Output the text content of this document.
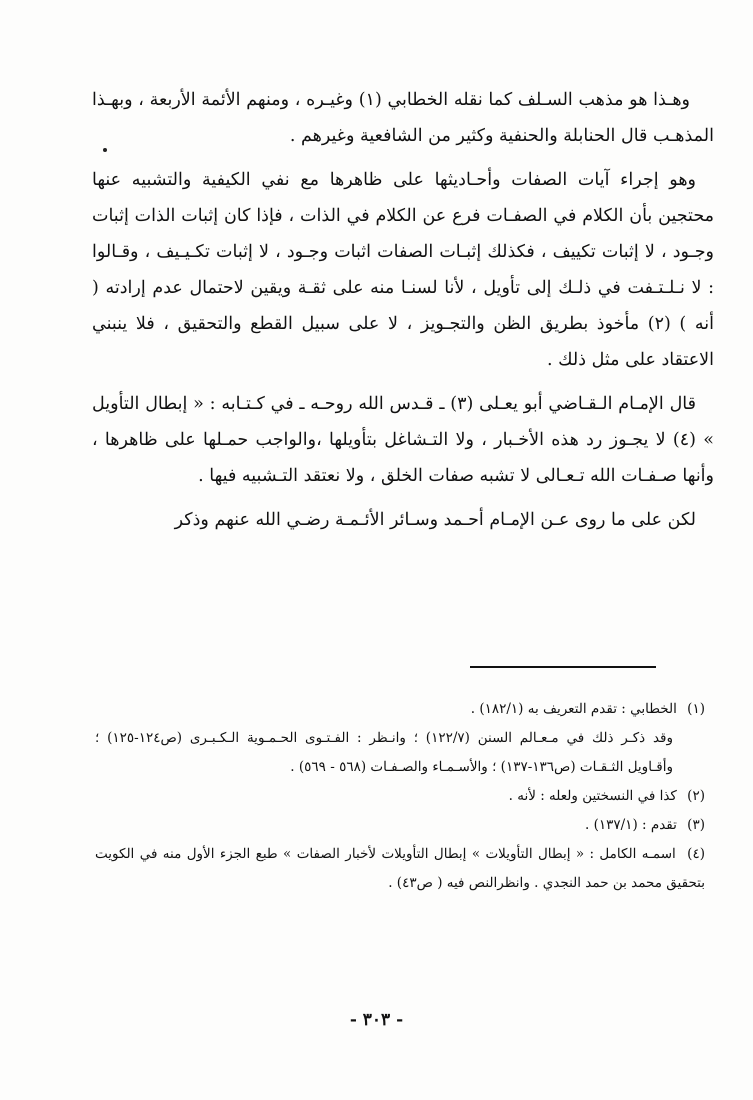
وهـذا هو مذهب السـلف كما نقله الخطابي (١) وغيـره ، ومنهم الأئمة الأربعة ، وبهـذا المذهـب قال الحنابلة والحنفية وكثير من الشافعية وغيرهم .

وهو إجراء آيات الصفات وأحـاديثها على ظاهرها مع نفي الكيفية والتشبيه عنها محتجين بأن الكلام في الصفـات فرع عن الكلام في الذات ، فإذا كان إثبات الذات إثبات وجـود ، لا إثبات تكييف ، فكذلك إثبـات الصفات اثبات وجـود ، لا إثبات تكـيـيف ، وقـالوا : لا نـلـتـفت في ذلـك إلى تأويل ، لأنا لسنـا منه على ثقـة ويقين لاحتمال عدم إرادته ( أنه ) (٢) مأخوذ بطريق الظن والتجـويز ، لا على سبيل القطع والتحقيق ، فلا ينبني الاعتقاد على مثل ذلك .

قال الإمـام الـقـاضي أبو يعـلى (٣) ـ قـدس الله روحـه ـ في كـتـابه : « إبطال التأويل » (٤) لا يجـوز رد هذه الأخـبار ، ولا التـشاغل بتأويلها ،والواجب حمـلها على ظاهرها ، وأنها صـفـات الله تـعـالى لا تشبه صفات الخلق ، ولا نعتقد التـشبيه فيها .

لكن على ما روى عـن الإمـام أحـمد وسـائر الأئـمـة رضـي الله عنهم وذكر

(١) الخطابي : تقدم التعريف به (١٨٢/١) .

وقد ذكـر ذلك في مـعـالم السنن (١٢٢/٧) ؛ وانـظر : الفـتـوى الحـمـوية الـكـبـرى (ص١٢٤-١٢٥) ؛ وأقـاويل الثـقـات (ص١٣٦-١٣٧) ؛ والأسـمـاء والصـفـات (٥٦٨ - ٥٦٩) .

(٢) كذا في النسختين ولعله : لأنه .

(٣) تقدم : (١٣٧/١) .

(٤) اسمـه الكامل : « إبطال التأويلات » إبطال التأويلات لأخبار الصفات » طبع الجزء الأول منه في الكويت بتحقيق محمد بن حمد النجدي . وانظرالنص فيه ( ص٤٣) .

- ٣٠٣ -
